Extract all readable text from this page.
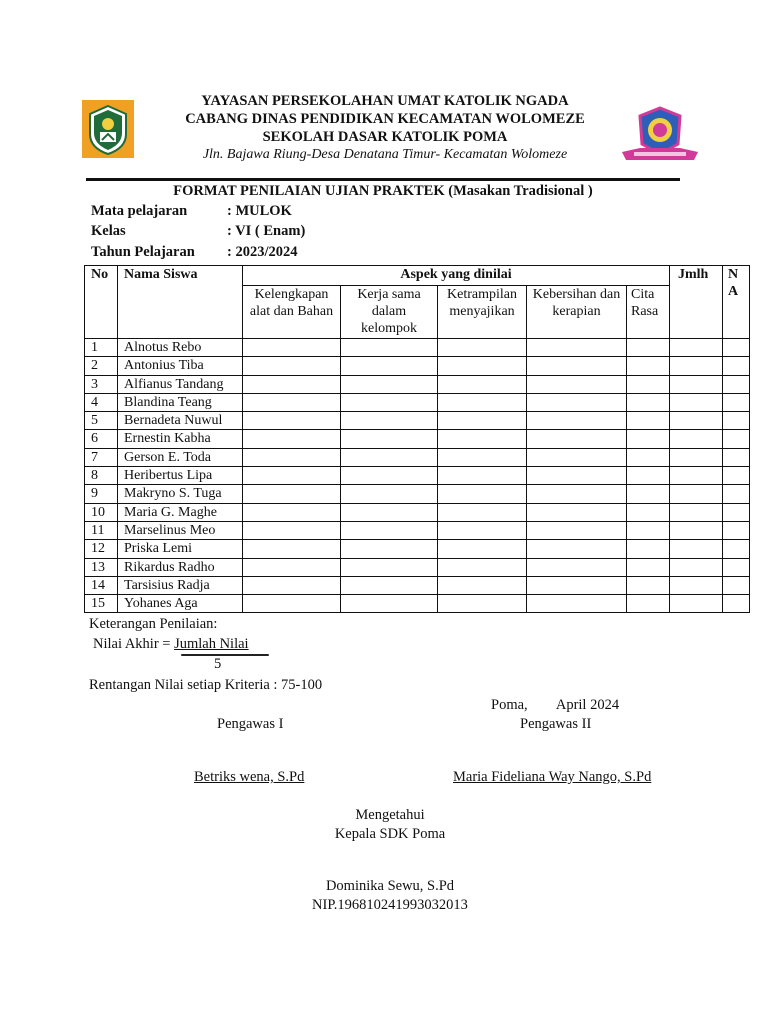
YAYASAN PERSEKOLAHAN UMAT KATOLIK NGADA
CABANG DINAS PENDIDIKAN KECAMATAN WOLOMEZE
SEKOLAH DASAR KATOLIK POMA
Jln. Bajawa Riung-Desa Denatana Timur- Kecamatan Wolomeze
FORMAT PENILAIAN UJIAN PRAKTEK (Masakan Tradisional )
Mata pelajaran	: MULOK
Kelas	: VI ( Enam)
Tahun Pelajaran : 2023/2024
No	Nama Siswa	Aspek yang dinilai					Jmlh	N A
		Kelengkapan alat dan Bahan	Kerja sama dalam kelompok	Ketrampilan menyajikan	Kebersihan dan kerapian	Cita Rasa		
1	Alnotus Rebo							
2	Antonius Tiba							
3	Alfianus Tandang							
4	Blandina Teang							
5	Bernadeta Nuwul							
6	Ernestin Kabha							
7	Gerson E. Toda							
8	Heribertus Lipa							
9	Makryno S. Tuga							
10	Maria G. Maghe							
11	Marselinus Meo							
12	Priska Lemi							
13	Rikardus Radho							
14	Tarsisius Radja							
15	Yohanes Aga							
Keterangan Penilaian:
Nilai Akhir = Jumlah Nilai
5
Rentangan Nilai setiap Kriteria : 75-100
Poma,        April 2024
Pengawas I	Pengawas II
Betriks wena, S.Pd	Maria Fideliana Way Nango, S.Pd
Mengetahui
Kepala SDK Poma
Dominika Sewu, S.Pd
NIP.196810241993032013
